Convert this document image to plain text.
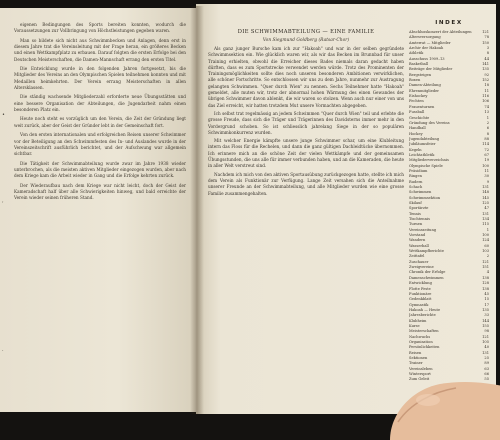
eigenen Bedingungen des Sports bereiten konnten, wodurch die Voraussetzungen zur Vollbringung von Höchstleistungen gegeben waren.

Man so bildete sich nicht aus Schwimmbecken und Anlagen, denn erst in diesem Jahre trat die Vereinsleitung mit der Frage heran, ein größeres Becken und einen Wettkampfplatz zu erbauen. Darauf folgten die ersten Erfolge bei den Deutschen Meisterschaften, die Damen-Mannschaft errang den ersten Titel.

Die Entwicklung wurde in den folgenden Jahren fortgesetzt, bis die Mitglieder des Vereins an den Olympischen Spielen teilnehmen konnten und mit Medaillen heimkehrten. Der Verein errang Meisterschaften in allen Altersklassen.

Die ständig wachsende Mitgliederzahl erforderte neue Übungsstätten und eine bessere Organisation der Abteilungen, die Jugendarbeit nahm einen besonderen Platz ein.

Heute noch steht es vorzüglich um den Verein, die Zeit der Gründung liegt weit zurück, aber der Geist der Gründer lebt in der Gemeinschaft fort.

Von den ersten internationalen und erfolgreichen Reisen unserer Schwimmer vor der Beteiligung an den Schwimmfesten des In- und Auslandes wurde in der Vereinszeitschrift ausführlich berichtet, und der Aufschwung war allgemein sichtbar.

Die Tätigkeit der Schwimmabteilung wurde zwar im Jahre 1938 wieder unterbrochen, als die meisten aktiven Mitglieder eingezogen wurden, aber nach dem Kriege kam die Arbeit wieder in Gang und die Erfolge kehrten zurück.

Der Wiederaufbau nach dem Kriege war nicht leicht, doch der Geist der Kameradschaft half über alle Schwierigkeiten hinweg, und bald erreichte der Verein wieder seinen früheren Stand.

•
,
·
DIE SCHWIMMABTEILUNG — EINE FAMILIE
Von Siegmund Goldberg (Ratsar-Chor)

Als ganz junger Bursche kam ich zur "Hakoah" und war in der selben gegründete Schwimmsektion ein. Wie glücklich waren wir, als wir das Becken im Brunnbad für unser Training erhielten, obwohl die Erreicher dieses Bades niemals daran gedacht haben dürften, dass es zum Sportstrecke verwendet werden würde. Trotz des Prominenten der Trainingsmöglichkeiten sollte dies noch unseren besonderen Ambitionen verwirklichen, alle schöner Fortschritte. So entschlossen wir uns zu dem Jahre, nunmehr zur Austragung gelangten Schwimmen. "Quer durch Wien" zu nennen. Sechs Teilnehmer hatte "Hakoah" gemeldet, alle muten wir, trotz der abnormal hohen Wärmung des einen Gewandes der übrigen Schwimmer davon ablenkt, die wir waren so stolzen. Wenn auch nur einer von uns das Ziel erreicht, wir hatten trotzdem Mut unsere Vormachten abgegeben.

Ich selbst trat regelmässig an jedem Schwimmen "Quer durch Wien" teil und erlebte die grosse Freude, dass sich die Träger und Trägerinnen des Davidsterns immer mehr in den Vordergrund schoben. So ist schliesslich jahrelang Siege in der so populären Schwimmkonkurrenz wurden.

Mit welcher Energie kämpfte unsere junge Schwimmer schar, um eine Klubleitung intern das Floss für die Rechelen, und dann die ganz gültigen Dachleidtücke übernommen. Ich erinnere mich an die schöne Zeit der vielen Wettkämpfe und der gemeinsamen Übungsstunden, die uns alle für immer verbunden haben, und an die Kameraden, die heute in aller Welt verstreut sind.

Nachdem ich mich von den aktiven Sportausübung zurückgezogen hatte, stellte ich mich dem Verein als Funktionär zur Verfügung. Lange Zeit versahen sich die Anteilnahme unserer Freunde an der Schwimmabteilung, und alle Mitglieder wurden wie eine grosse Familie zusammengehalten.

INDEX
Abschlusskonzert der Abteilungen	121
Altersversorgung	78
Ämterrat — Mitglieder	150
Archiv der Hakoah	3
Athletik	8
Ausschuss 1909–13	44
Basketball	141
Beiträge der Mitglieder	135
Bergsteigen	92
Boxen	152
Damen-Abteilung	18
Ehrenmitglieder	11
Eishockey	116
Fechten	106
Frauenturnen	74
Fussball	13
Geschichte	1
Gründung des Vereins	2
Handball	6
Hockey	8
Jugendabteilung	88
Jubiläumsfeier	114
Kegeln	72
Leichtathletik	67
Mitgliederverzeichnis	19
Olympische Spiele	100
Präsidium	11
Ringen	30
Rudern	9
Schach	131
Schwimmen	148
Schwimmsektion	145
Skilauf	125
Sportärzte	47
Tennis	131
Tischtennis	134
Turnen	115
Vereinszeitung	1
Vorstand	100
Wandern	124
Wasserball	60
Wettkampfberichte	103
Zeittafel	2
Zuschauer	121
Zweigvereine	151
Chronik der Erfolge	4
Damenschwimmen	138
Entwicklung	128
Flotte Feste	138
Funktionäre	45
Gedenkblatt	15
Gymnastik	17
Hakoah — Heute	135
Jahresberichte	33
Klubheim	144
Kurse	155
Meisterschaften	98
Nachwuchs	121
Organisation	105
Persönlichkeiten	40
Reisen	131
Sektionen	25
Trainer	89
Vereinsleben	63
Wintersport	66
Zum Geleit	55
